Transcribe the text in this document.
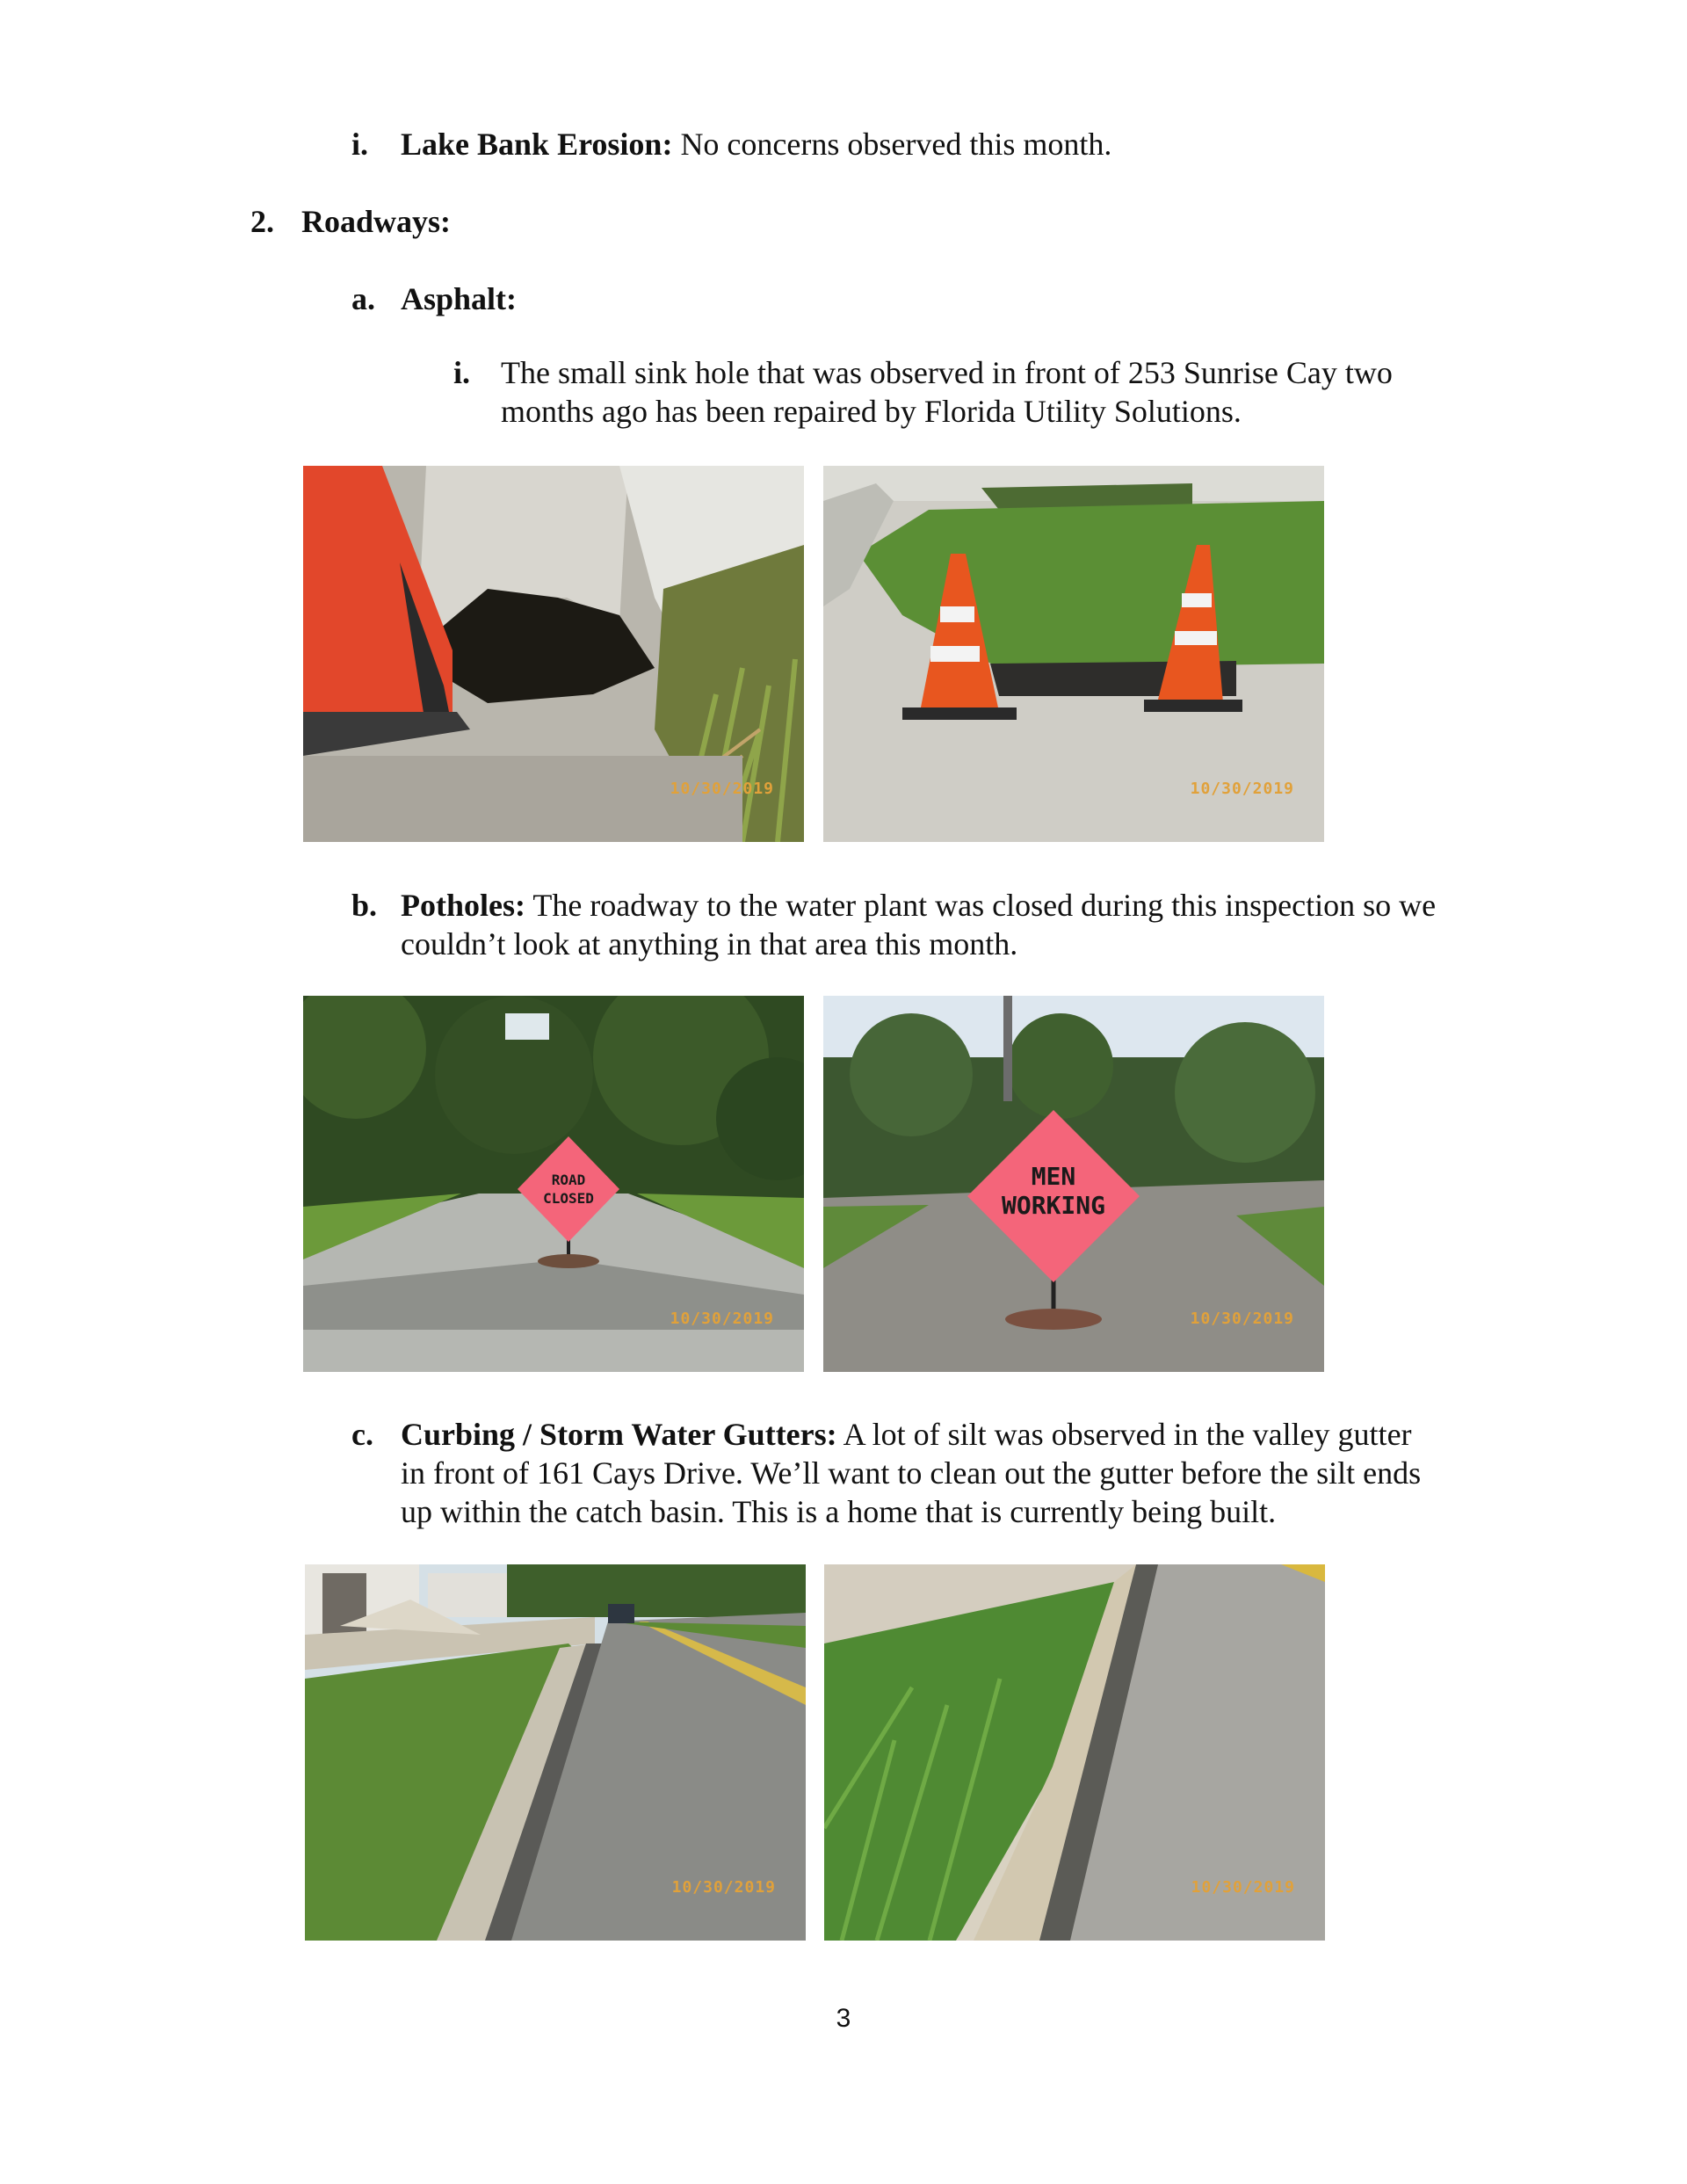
i. Lake Bank Erosion: No concerns observed this month.
2. Roadways:
a. Asphalt:
i. The small sink hole that was observed in front of 253 Sunrise Cay two
months ago has been repaired by Florida Utility Solutions.
10/30/2019	10/30/2019
b. Potholes: The roadway to the water plant was closed during this inspection so we
couldn’t look at anything in that area this month.
ROAD
CLOSED
10/30/2019
MEN
WORKING
10/30/2019
c. Curbing / Storm Water Gutters: A lot of silt was observed in the valley gutter
in front of 161 Cays Drive. We’ll want to clean out the gutter before the silt ends
up within the catch basin. This is a home that is currently being built.
10/30/2019	10/30/2019
3
